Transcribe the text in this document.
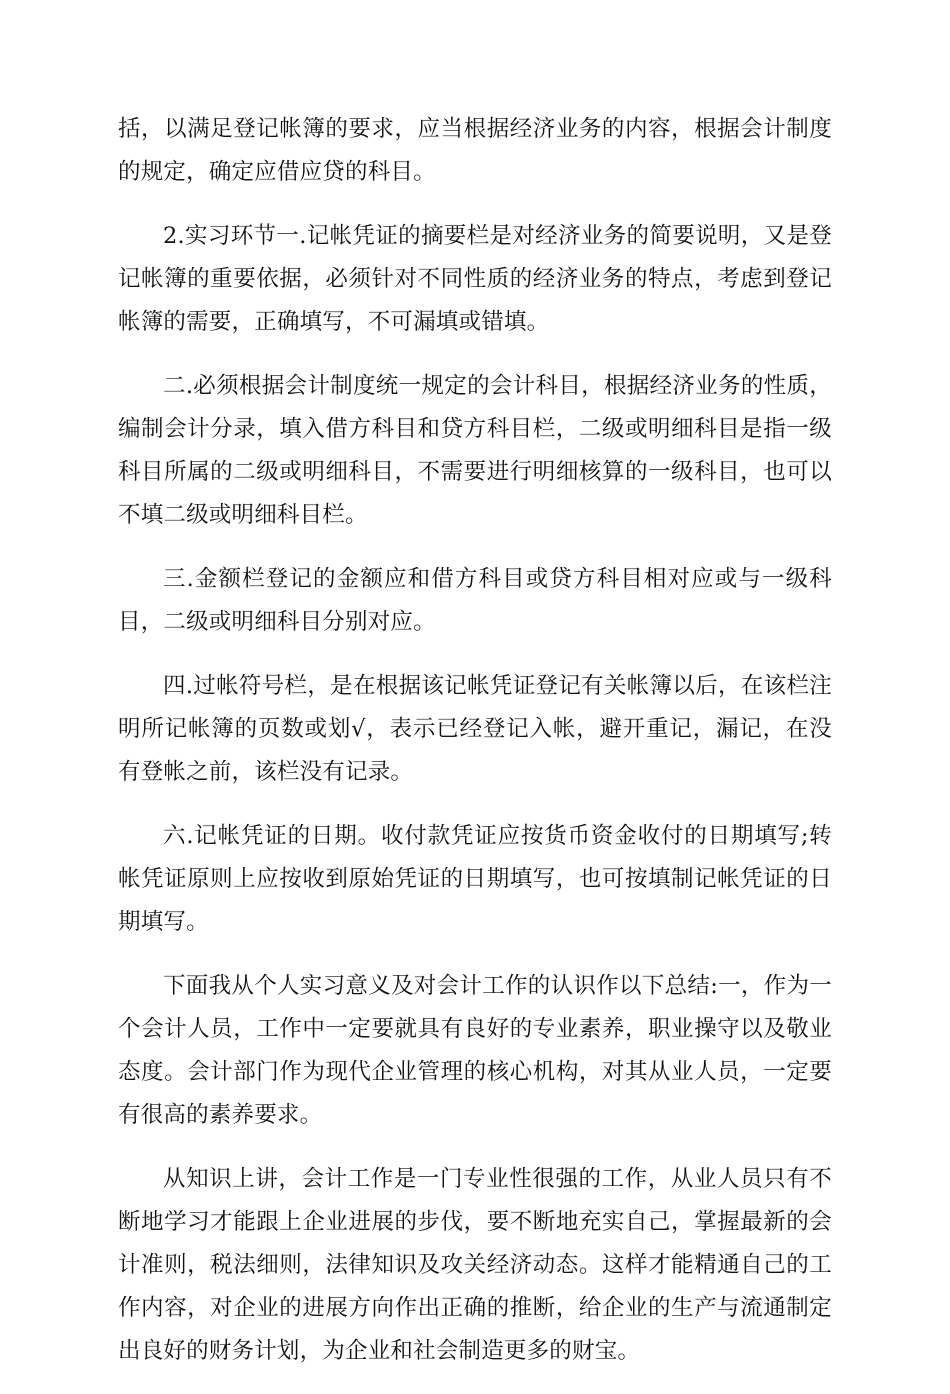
括，以满足登记帐簿的要求，应当根据经济业务的内容，根据会计制度的规定，确定应借应贷的科目。

2.实习环节一.记帐凭证的摘要栏是对经济业务的简要说明，又是登记帐簿的重要依据，必须针对不同性质的经济业务的特点，考虑到登记帐簿的需要，正确填写，不可漏填或错填。

二.必须根据会计制度统一规定的会计科目，根据经济业务的性质，编制会计分录，填入借方科目和贷方科目栏，二级或明细科目是指一级科目所属的二级或明细科目，不需要进行明细核算的一级科目，也可以不填二级或明细科目栏。

三.金额栏登记的金额应和借方科目或贷方科目相对应或与一级科目，二级或明细科目分别对应。

四.过帐符号栏，是在根据该记帐凭证登记有关帐簿以后，在该栏注明所记帐簿的页数或划√，表示已经登记入帐，避开重记，漏记，在没有登帐之前，该栏没有记录。

六.记帐凭证的日期。收付款凭证应按货币资金收付的日期填写;转帐凭证原则上应按收到原始凭证的日期填写，也可按填制记帐凭证的日期填写。

下面我从个人实习意义及对会计工作的认识作以下总结:一，作为一个会计人员，工作中一定要就具有良好的专业素养，职业操守以及敬业态度。会计部门作为现代企业管理的核心机构，对其从业人员，一定要有很高的素养要求。

从知识上讲，会计工作是一门专业性很强的工作，从业人员只有不断地学习才能跟上企业进展的步伐，要不断地充实自己，掌握最新的会计准则，税法细则，法律知识及攻关经济动态。这样才能精通自己的工作内容，对企业的进展方向作出正确的推断，给企业的生产与流通制定出良好的财务计划，为企业和社会制造更多的财宝。
